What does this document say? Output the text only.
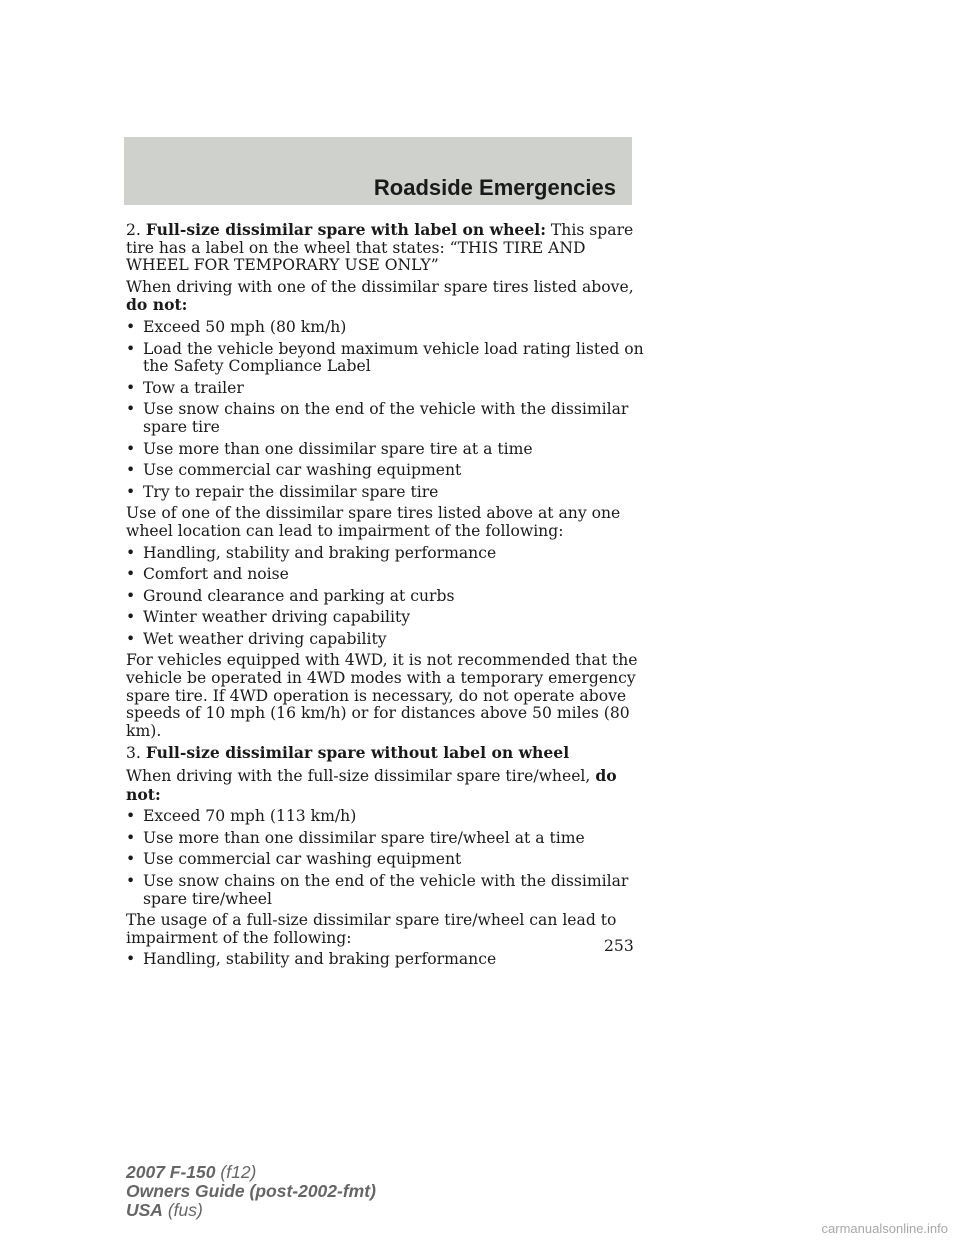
Roadside Emergencies
2. Full-size dissimilar spare with label on wheel: This spare tire has a label on the wheel that states: “THIS TIRE AND WHEEL FOR TEMPORARY USE ONLY”
When driving with one of the dissimilar spare tires listed above, do not:
• Exceed 50 mph (80 km/h)
• Load the vehicle beyond maximum vehicle load rating listed on the Safety Compliance Label
• Tow a trailer
• Use snow chains on the end of the vehicle with the dissimilar spare tire
• Use more than one dissimilar spare tire at a time
• Use commercial car washing equipment
• Try to repair the dissimilar spare tire
Use of one of the dissimilar spare tires listed above at any one wheel location can lead to impairment of the following:
• Handling, stability and braking performance
• Comfort and noise
• Ground clearance and parking at curbs
• Winter weather driving capability
• Wet weather driving capability
For vehicles equipped with 4WD, it is not recommended that the vehicle be operated in 4WD modes with a temporary emergency spare tire. If 4WD operation is necessary, do not operate above speeds of 10 mph (16 km/h) or for distances above 50 miles (80 km).
3. Full-size dissimilar spare without label on wheel
When driving with the full-size dissimilar spare tire/wheel, do not:
• Exceed 70 mph (113 km/h)
• Use more than one dissimilar spare tire/wheel at a time
• Use commercial car washing equipment
• Use snow chains on the end of the vehicle with the dissimilar spare tire/wheel
The usage of a full-size dissimilar spare tire/wheel can lead to impairment of the following:
• Handling, stability and braking performance
253
2007 F-150 (f12)
Owners Guide (post-2002-fmt)
USA (fus)
carmanualsonline.info
